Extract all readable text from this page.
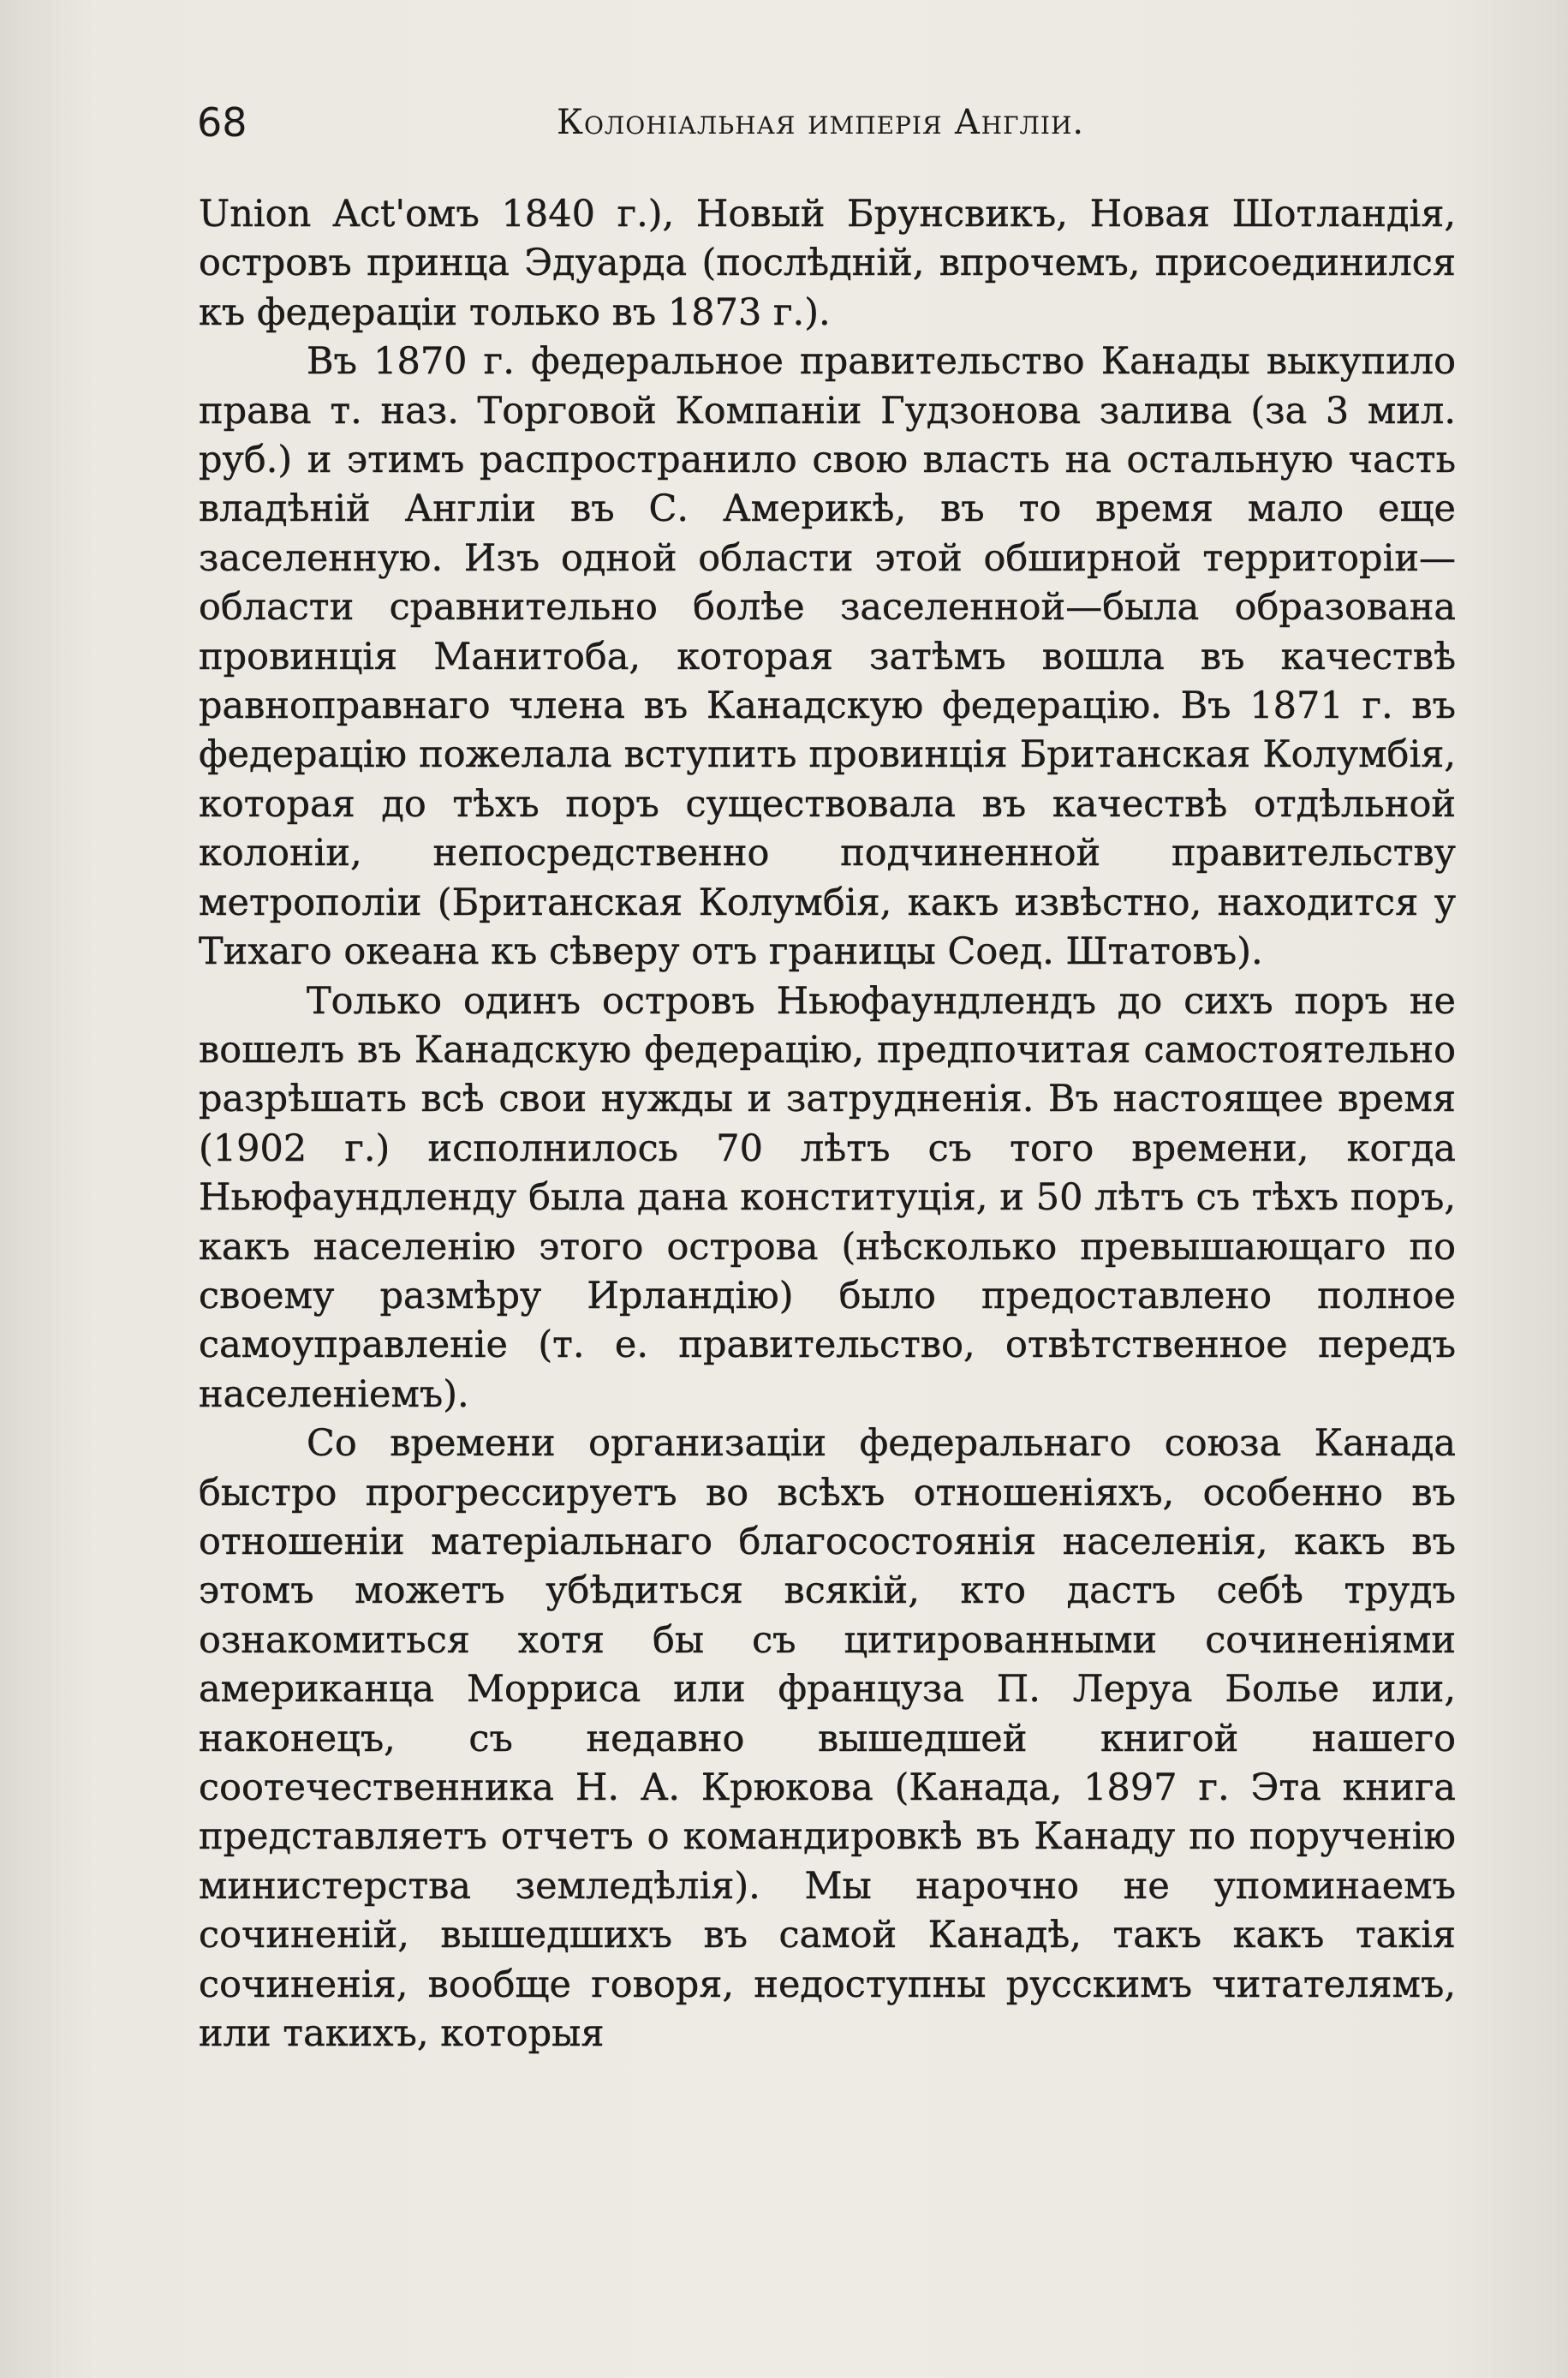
68	Колоніальная имперія Англіи.

Union Act'омъ 1840 г.), Новый Брунсвикъ, Новая Шотландія, островъ принца Эдуарда (послѣдній, впрочемъ, присоединился къ федераціи только въ 1873 г.).

Въ 1870 г. федеральное правительство Канады выкупило права т. наз. Торговой Компаніи Гудзонова залива (за 3 мил. руб.) и этимъ распространило свою власть на остальную часть владѣній Англіи въ С. Америкѣ, въ то время мало еще заселенную. Изъ одной области этой обширной территоріи—области сравнительно болѣе заселенной—была образована провинція Манитоба, которая затѣмъ вошла въ качествѣ равноправнаго члена въ Канадскую федерацію. Въ 1871 г. въ федерацію пожелала вступить провинція Британская Колумбія, которая до тѣхъ поръ существовала въ качествѣ отдѣльной колоніи, непосредственно подчиненной правительству метрополіи (Британская Колумбія, какъ извѣстно, находится у Тихаго океана къ сѣверу отъ границы Соед. Штатовъ).

Только одинъ островъ Ньюфаундлендъ до сихъ поръ не вошелъ въ Канадскую федерацію, предпочитая самостоятельно разрѣшать всѣ свои нужды и затрудненія. Въ настоящее время (1902 г.) исполнилось 70 лѣтъ съ того времени, когда Ньюфаундленду была дана конституція, и 50 лѣтъ съ тѣхъ поръ, какъ населенію этого острова (нѣсколько превышающаго по своему размѣру Ирландію) было предоставлено полное самоуправленіе (т. е. правительство, отвѣтственное передъ населеніемъ).

Со времени организаціи федеральнаго союза Канада быстро прогрессируетъ во всѣхъ отношеніяхъ, особенно въ отношеніи матеріальнаго благосостоянія населенія, какъ въ этомъ можетъ убѣдиться всякій, кто дастъ себѣ трудъ ознакомиться хотя бы съ цитированными сочиненіями американца Морриса или француза П. Леруа Болье или, наконецъ, съ недавно вышедшей книгой нашего соотечественника Н. А. Крюкова (Канада, 1897 г. Эта книга представляетъ отчетъ о командировкѣ въ Канаду по порученію министерства земледѣлія). Мы нарочно не упоминаемъ сочиненій, вышедшихъ въ самой Канадѣ, такъ какъ такія сочиненія, вообще говоря, недоступны русскимъ читателямъ, или такихъ, которыя
